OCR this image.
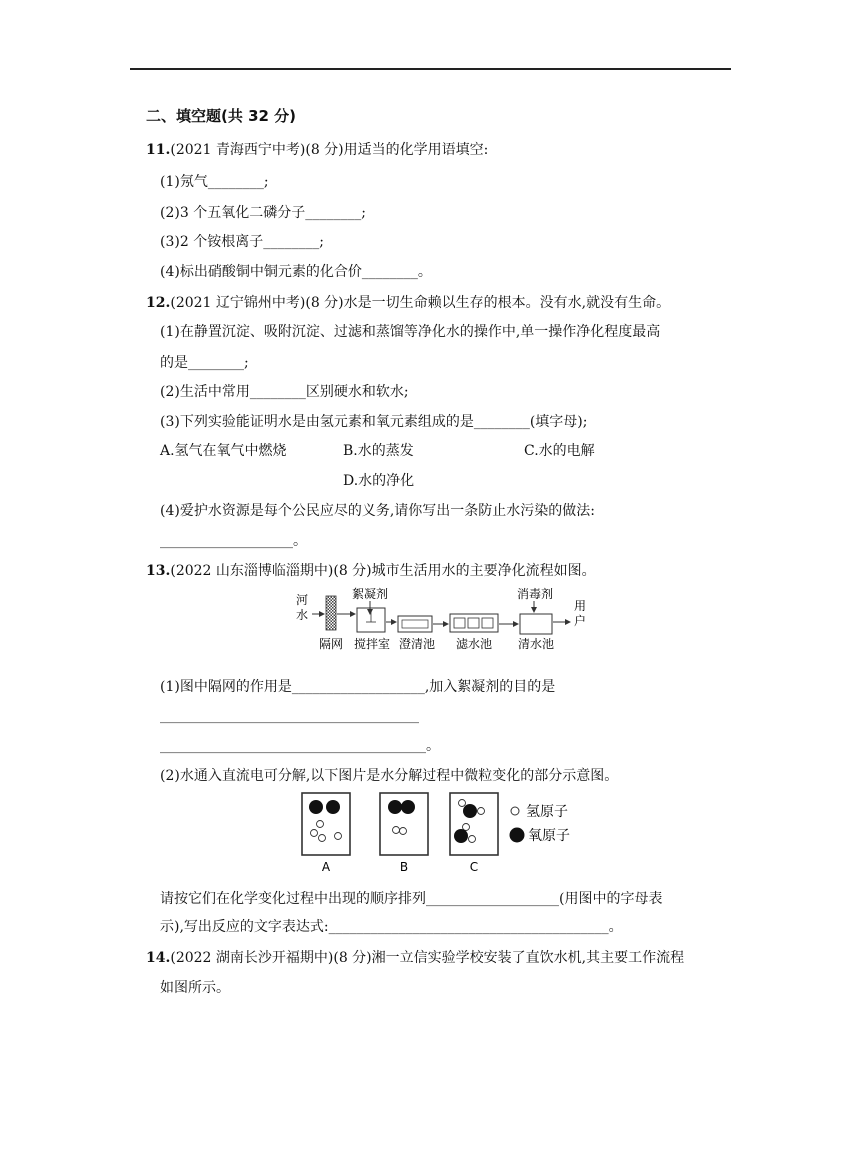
二、填空题(共 32 分)
11.(2021 青海西宁中考)(8 分)用适当的化学用语填空:
(1)氖气________;
(2)3 个五氧化二磷分子________;
(3)2 个铵根离子________;
(4)标出硝酸铜中铜元素的化合价________。
12.(2021 辽宁锦州中考)(8 分)水是一切生命赖以生存的根本。没有水,就没有生命。
(1)在静置沉淀、吸附沉淀、过滤和蒸馏等净化水的操作中,单一操作净化程度最高
的是________;
(2)生活中常用________区别硬水和软水;
(3)下列实验能证明水是由氢元素和氧元素组成的是________(填字母);
A.氢气在氧气中燃烧	B.水的蒸发	C.水的电解
D.水的净化
(4)爱护水资源是每个公民应尽的义务,请你写出一条防止水污染的做法:
___________________。
13.(2022 山东淄博临淄期中)(8 分)城市生活用水的主要净化流程如图。
河
水
隔网
絮凝剂
搅拌室 澄清池 滤水池
消毒剂
清水池
用
户
(1)图中隔网的作用是___________________,加入絮凝剂的目的是
_____________________________________
______________________________________。
(2)水通入直流电可分解,以下图片是水分解过程中微粒变化的部分示意图。
A	B	C
氢原子
氧原子
请按它们在化学变化过程中出现的顺序排列___________________(用图中的字母表
示),写出反应的文字表达式:________________________________________。
14.(2022 湖南长沙开福期中)(8 分)湘一立信实验学校安装了直饮水机,其主要工作流程
如图所示。
